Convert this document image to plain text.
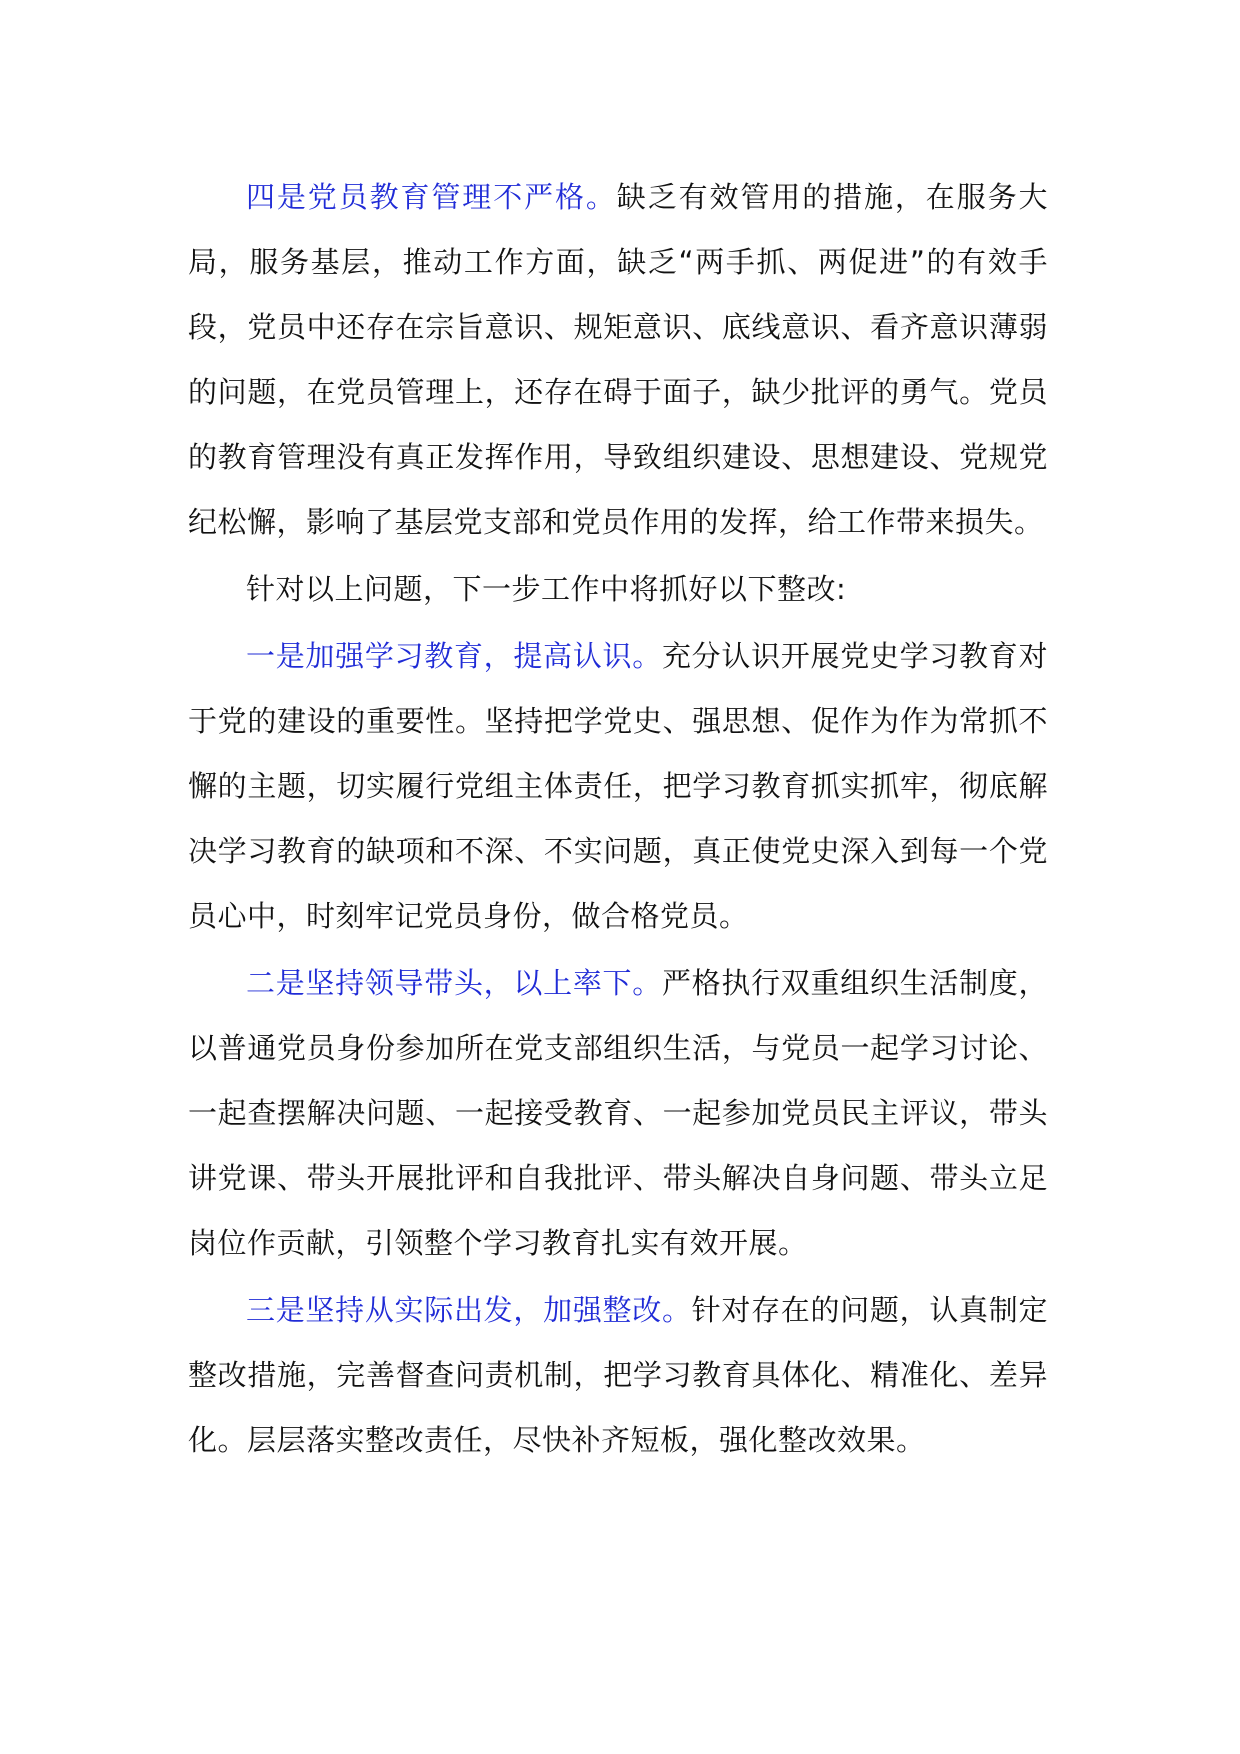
四是党员教育管理不严格。缺乏有效管用的措施，在服务大局，服务基层，推动工作方面，缺乏“两手抓、两促进”的有效手段，党员中还存在宗旨意识、规矩意识、底线意识、看齐意识薄弱的问题，在党员管理上，还存在碍于面子，缺少批评的勇气。党员的教育管理没有真正发挥作用，导致组织建设、思想建设、党规党纪松懈，影响了基层党支部和党员作用的发挥，给工作带来损失。

针对以上问题，下一步工作中将抓好以下整改:

一是加强学习教育，提高认识。充分认识开展党史学习教育对于党的建设的重要性。坚持把学党史、强思想、促作为作为常抓不懈的主题，切实履行党组主体责任，把学习教育抓实抓牢，彻底解决学习教育的缺项和不深、不实问题，真正使党史深入到每一个党员心中，时刻牢记党员身份，做合格党员。

二是坚持领导带头，以上率下。严格执行双重组织生活制度，以普通党员身份参加所在党支部组织生活，与党员一起学习讨论、一起查摆解决问题、一起接受教育、一起参加党员民主评议，带头讲党课、带头开展批评和自我批评、带头解决自身问题、带头立足岗位作贡献，引领整个学习教育扎实有效开展。

三是坚持从实际出发，加强整改。针对存在的问题，认真制定整改措施，完善督查问责机制，把学习教育具体化、精准化、差异化。层层落实整改责任，尽快补齐短板，强化整改效果。
